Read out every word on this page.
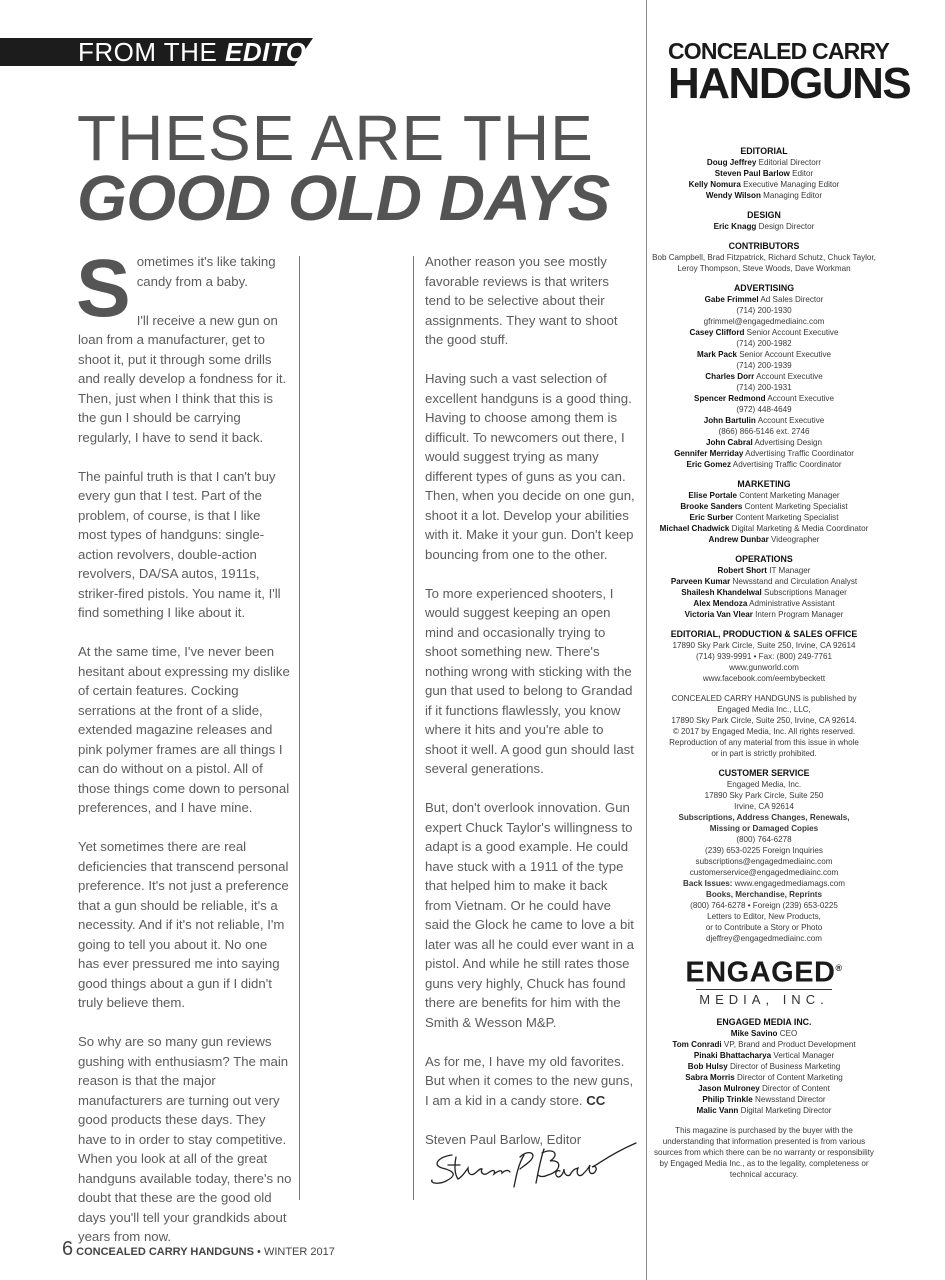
FROM THE EDITOR
THESE ARE THE
GOOD OLD DAYS

Sometimes it's like taking candy from a baby.

I'll receive a new gun on loan from a manufacturer, get to shoot it, put it through some drills and really develop a fondness for it. Then, just when I think that this is the gun I should be carrying regularly, I have to send it back.

The painful truth is that I can't buy every gun that I test. Part of the problem, of course, is that I like most types of handguns: single-action revolvers, double-action revolvers, DA/SA autos, 1911s, striker-fired pistols. You name it, I'll find something I like about it.

At the same time, I've never been hesitant about expressing my dislike of certain features. Cocking serrations at the front of a slide, extended magazine releases and pink polymer frames are all things I can do without on a pistol. All of those things come down to personal preferences, and I have mine.

Yet sometimes there are real deficiencies that transcend personal preference. It's not just a preference that a gun should be reliable, it's a necessity. And if it's not reliable, I'm going to tell you about it. No one has ever pressured me into saying good things about a gun if I didn't truly believe them.

So why are so many gun reviews gushing with enthusiasm? The main reason is that the major manufacturers are turning out very good products these days. They have to in order to stay competitive. When you look at all of the great handguns available today, there's no doubt that these are the good old days you'll tell your grandkids about years from now.

Another reason you see mostly favorable reviews is that writers tend to be selective about their assignments. They want to shoot the good stuff.

Having such a vast selection of excellent handguns is a good thing. Having to choose among them is difficult. To newcomers out there, I would suggest trying as many different types of guns as you can. Then, when you decide on one gun, shoot it a lot. Develop your abilities with it. Make it your gun. Don't keep bouncing from one to the other.

To more experienced shooters, I would suggest keeping an open mind and occasionally trying to shoot something new. There's nothing wrong with sticking with the gun that used to belong to Grandad if it functions flawlessly, you know where it hits and you're able to shoot it well. A good gun should last several generations.

But, don't overlook innovation. Gun expert Chuck Taylor's willingness to adapt is a good example. He could have stuck with a 1911 of the type that helped him to make it back from Vietnam. Or he could have said the Glock he came to love a bit later was all he could ever want in a pistol. And while he still rates those guns very highly, Chuck has found there are benefits for him with the Smith & Wesson M&P.

As for me, I have my old favorites. But when it comes to the new guns, I am a kid in a candy store. CC

Steven Paul Barlow, Editor

6 CONCEALED CARRY HANDGUNS • WINTER 2017
CONCEALED CARRY
HANDGUNS
EDITORIAL
Doug Jeffrey Editorial Directorr
Steven Paul Barlow Editor
Kelly Nomura Executive Managing Editor
Wendy Wilson Managing Editor
DESIGN
Eric Knagg Design Director
CONTRIBUTORS
Bob Campbell, Brad Fitzpatrick, Richard Schutz, Chuck Taylor, Leroy Thompson, Steve Woods, Dave Workman
ADVERTISING
Gabe Frimmel Ad Sales Director
(714) 200-1930
gfrimmel@engagedmediainc.com
Casey Clifford Senior Account Executive
(714) 200-1982
Mark Pack Senior Account Executive
(714) 200-1939
Charles Dorr Account Executive
(714) 200-1931
Spencer Redmond Account Executive
(972) 448-4649
John Bartulin Account Executive
(866) 866-5146 ext. 2746
John Cabral Advertising Design
Gennifer Merriday Advertising Traffic Coordinator
Eric Gomez Advertising Traffic Coordinator
MARKETING
Elise Portale Content Marketing Manager
Brooke Sanders Content Marketing Specialist
Eric Surber Content Marketing Specialist
Michael Chadwick Digital Marketing & Media Coordinator
Andrew Dunbar Videographer
OPERATIONS
Robert Short IT Manager
Parveen Kumar Newsstand and Circulation Analyst
Shailesh Khandelwal Subscriptions Manager
Alex Mendoza Administrative Assistant
Victoria Van Vlear Intern Program Manager
EDITORIAL, PRODUCTION & SALES OFFICE
17890 Sky Park Circle, Suite 250, Irvine, CA 92614
(714) 939-9991 • Fax: (800) 249-7761
www.gunworld.com
www.facebook.com/eembybeckett
CONCEALED CARRY HANDGUNS is published by
Engaged Media Inc., LLC,
17890 Sky Park Circle, Suite 250, Irvine, CA 92614.
© 2017 by Engaged Media, Inc. All rights reserved.
Reproduction of any material from this issue in whole
or in part is strictly prohibited.
CUSTOMER SERVICE
Engaged Media, Inc.
17890 Sky Park Circle, Suite 250
Irvine, CA 92614
Subscriptions, Address Changes, Renewals,
Missing or Damaged Copies
(800) 764-6278
(239) 653-0225 Foreign Inquiries
subscriptions@engagedmediainc.com
customerservice@engagedmediainc.com
Back Issues: www.engagedmediamags.com
Books, Merchandise, Reprints
(800) 764-6278 • Foreign (239) 653-0225
Letters to Editor, New Products,
or to Contribute a Story or Photo
djeffrey@engagedmediainc.com
ENGAGED®
MEDIA, INC.
ENGAGED MEDIA INC.
Mike Savino CEO
Tom Conradi VP, Brand and Product Development
Pinaki Bhattacharya Vertical Manager
Bob Hulsy Director of Business Marketing
Sabra Morris Director of Content Marketing
Jason Mulroney Director of Content
Philip Trinkle Newsstand Director
Malic Vann Digital Marketing Director
This magazine is purchased by the buyer with the understanding that information presented is from various sources from which there can be no warranty or responsibility by Engaged Media Inc., as to the legality, completeness or technical accuracy.
